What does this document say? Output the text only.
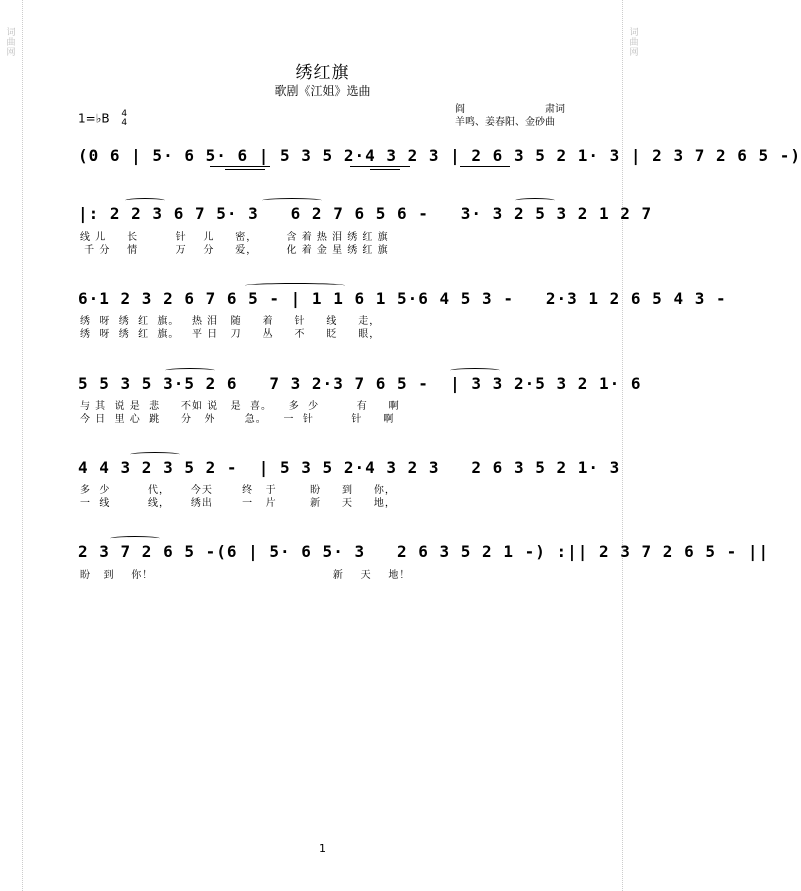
词
曲
网
词
曲
网
绣红旗
歌剧《江姐》选曲
1=♭B 4
4
阎	肃词
羊鸣、姜春阳、金砂曲
(0 6 | 5· 6 5· 6 | 5 3 5 2·4 3 2 3 | 2 6 3 5 2 1· 3 | 2 3 7 2 6 5 -)
|: 2 2 3 6 7 5· 3   6 2 7 6 5 6 -   3· 3 2 5 3 2 1 2 7
线 儿     长         针    儿     密，       含 着 热 泪 绣 红 旗
千 分    情         万    分     爱，       化 着 金 星 绣 红 旗
6·1 2 3 2 6 7 6 5 - | 1 1 6 1 5·6 4 5 3 -   2·3 1 2 6 5 4 3 -
绣  呀  绣  红  旗。   热 泪   随     着     针     线     走，
绣  呀  绣  红  旗。   平 日   刀     丛     不     眨     眼，
5 5 3 5 3·5 2 6   7 3 2·3 7 6 5 -  | 3 3 2·5 3 2 1· 6
与 其  说 是  悲     不如 说   是  喜。    多  少         有     啊
今 日  里 心  跳     分   外       急。    一  针         针     啊
4 4 3 2 3 5 2 -  | 5 3 5 2·4 3 2 3   2 6 3 5 2 1· 3
多  少         代，     今天       终   于        盼     到     你，
一  线         线，     绣出       一   片        新     天     地，
2 3 7 2 6 5 -(6 | 5· 6 5· 3   2 6 3 5 2 1 -) :|| 2 3 7 2 6 5 - ||
盼   到    你！                                           新    天    地！
1
